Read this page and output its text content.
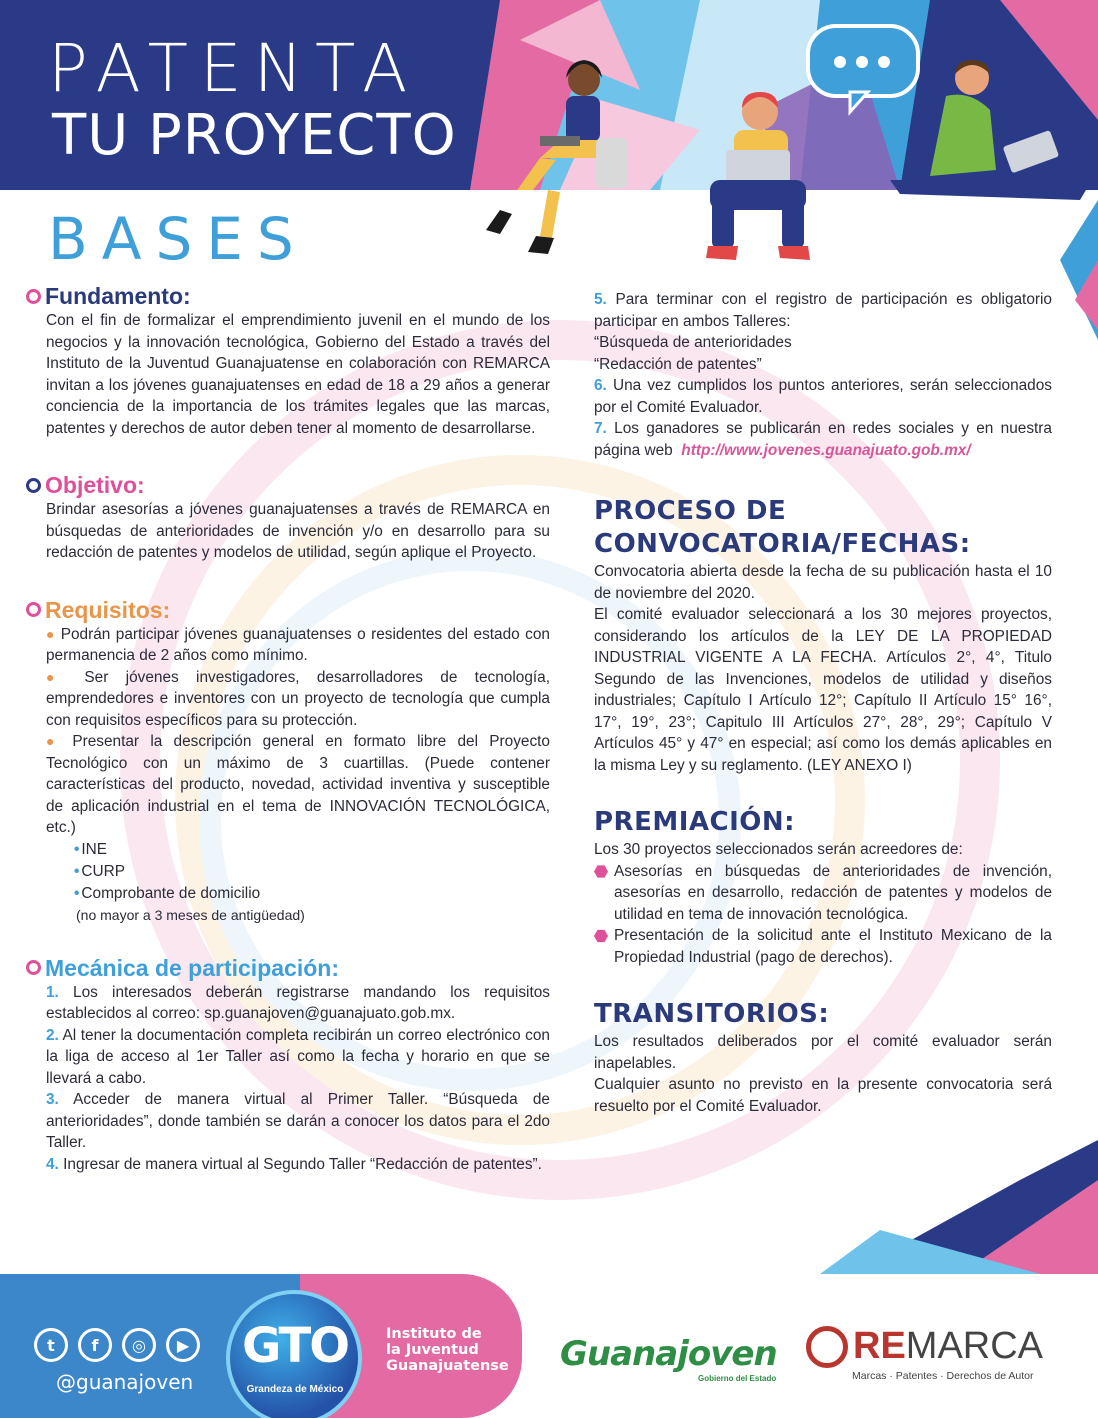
PATENTA
TU PROYECTO
BASES
Fundamento:

Con el fin de formalizar el emprendimiento juvenil en el mundo de los negocios y la innovación tecnológica, Gobierno del Estado a través del Instituto de la Juventud Guanajuatense en colaboración con REMARCA invitan a los jóvenes guanajuatenses en edad de 18 a 29 años a generar conciencia de la importancia de los trámites legales que las marcas, patentes y derechos de autor deben tener al momento de desarrollarse.

Objetivo:

Brindar asesorías a jóvenes guanajuatenses a través de REMARCA en búsquedas de anterioridades de invención y/o en desarrollo para su redacción de patentes y modelos de utilidad, según aplique el Proyecto.

Requisitos:

● Podrán participar jóvenes guanajuatenses o residentes del estado con permanencia de 2 años como mínimo.

● Ser jóvenes investigadores, desarrolladores de tecnología, emprendedores e inventores con un proyecto de tecnología que cumpla con requisitos específicos para su protección.

● Presentar la descripción general en formato libre del Proyecto Tecnológico con un máximo de 3 cuartillas. (Puede contener características del producto, novedad, actividad inventiva y susceptible de aplicación industrial en el tema de INNOVACIÓN TECNOLÓGICA, etc.)

• INE
• CURP
• Comprobante de domicilio
(no mayor a 3 meses de antigüedad)
Mecánica de participación:

1. Los interesados deberán registrarse mandando los requisitos establecidos al correo: sp.guanajoven@guanajuato.gob.mx.

2. Al tener la documentación completa recibirán un correo electrónico con la liga de acceso al 1er Taller así como la fecha y horario en que se llevará a cabo.

3. Acceder de manera virtual al Primer Taller. “Búsqueda de anterioridades”, donde también se darán a conocer los datos para el 2do Taller.

4. Ingresar de manera virtual al Segundo Taller “Redacción de patentes”.

5. Para terminar con el registro de participación es obligatorio participar en ambos Talleres:

“Búsqueda de anterioridades

“Redacción de patentes”

6. Una vez cumplidos los puntos anteriores, serán seleccionados por el Comité Evaluador.

7. Los ganadores se publicarán en redes sociales y en nuestra página web http://www.jovenes.guanajuato.gob.mx/

PROCESO DE CONVOCATORIA/FECHAS:

Convocatoria abierta desde la fecha de su publicación hasta el 10 de noviembre del 2020.

El comité evaluador seleccionará a los 30 mejores proyectos, considerando los artículos de la LEY DE LA PROPIEDAD INDUSTRIAL VIGENTE A LA FECHA. Artículos 2°, 4°, Titulo Segundo de las Invenciones, modelos de utilidad y diseños industriales; Capítulo I Artículo 12°; Capítulo II Artículo 15° 16°, 17°, 19°, 23°; Capitulo III Artículos 27°, 28°, 29°; Capítulo V Artículos 45° y 47° en especial; así como los demás aplicables en la misma Ley y su reglamento. (LEY ANEXO I)

PREMIACIÓN:

Los 30 proyectos seleccionados serán acreedores de:

Asesorías en búsquedas de anterioridades de invención, asesorías en desarrollo, redacción de patentes y modelos de utilidad en tema de innovación tecnológica.
Presentación de la solicitud ante el Instituto Mexicano de la Propiedad Industrial (pago de derechos).
TRANSITORIOS:

Los resultados deliberados por el comité evaluador serán inapelables.

Cualquier asunto no previsto en la presente convocatoria será resuelto por el Comité Evaluador.

t	f	◎	▶
@guanajoven
GTO
Grandeza de México
Instituto de
la Juventud
Guanajuatense Guanajoven
Gobierno del Estado
REMARCA
Marcas · Patentes · Derechos de Autor
